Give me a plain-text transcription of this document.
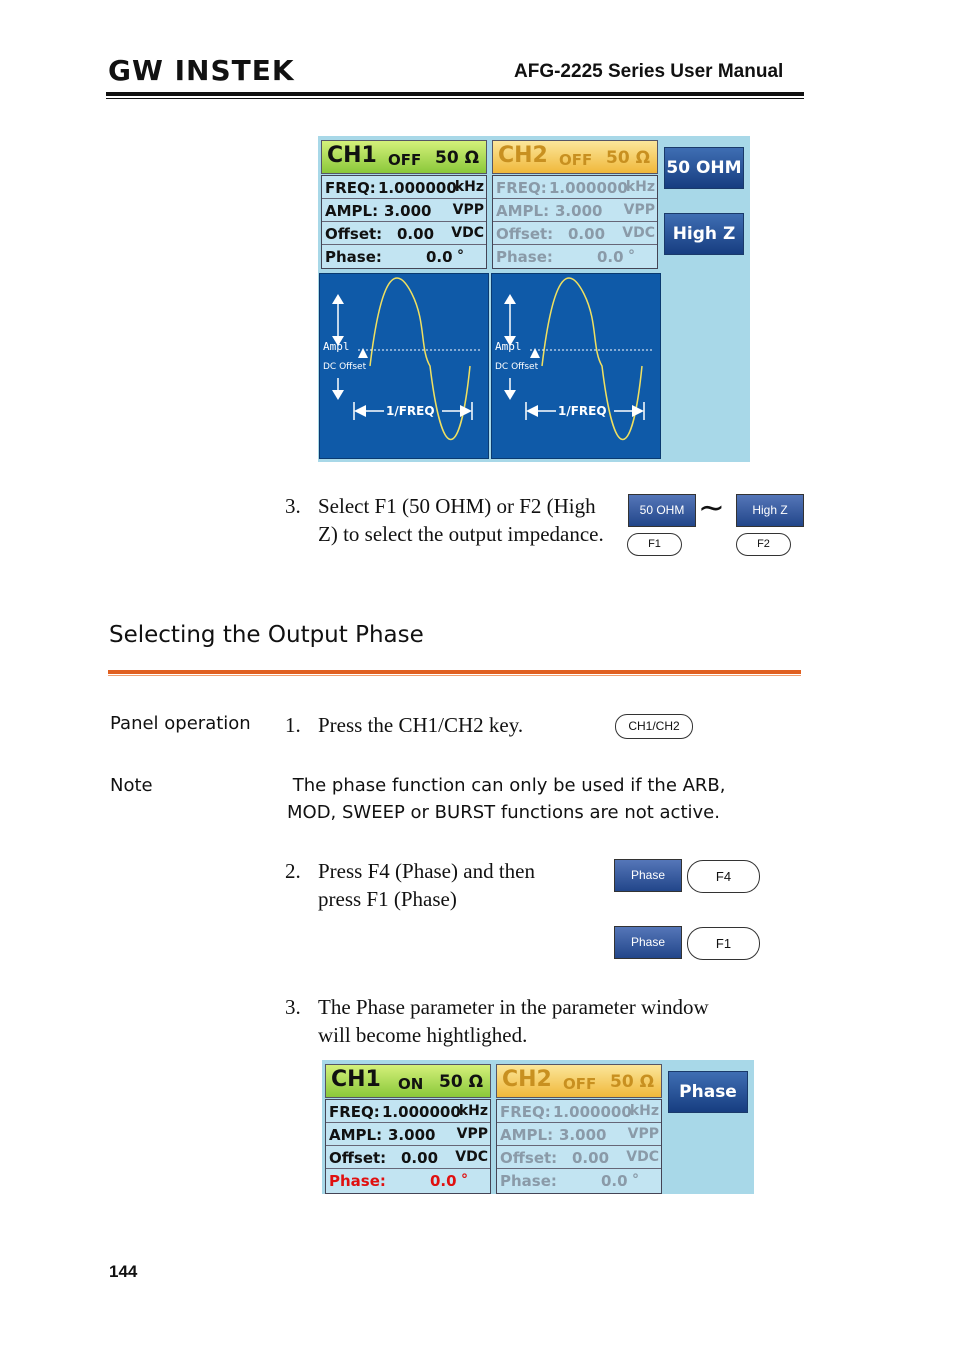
GW INSTEK	AFG-2225 Series User Manual
CH1 OFF 50 Ω
FREQ: 1.000000
kHz
AMPL: 3.000 VPP
Offset: 0.00 VDC
Phase:	0.0 °
Ampl
DC Offset
1/FREQ
CH2 OFF 50 Ω
FREQ: 1.000000
kHz
AMPL: 3.000 VPP
Offset: 0.00 VDC
Phase:	0.0 °
Ampl
DC Offset
1/FREQ
50 OHM
High Z
3. Select F1 (50 OHM) or F2 (High Z) to select the output impedance.
50 OHM ~	High Z
F1	F2
Selecting the Output Phase
Panel operation 1. Press the CH1/CH2 key.	CH1/CH2
Note	The phase function can only be used if the ARB,
MOD, SWEEP or BURST functions are not active.
2. Press F4 (Phase) and then
press F1 (Phase)
Phase	F4
Phase	F1
3. The Phase parameter in the parameter window
will become hightlighed.
CH1 ON 50 Ω
FREQ: 1.000000
kHz
AMPL: 3.000 VPP
Offset: 0.00 VDC
Phase:	0.0 °
CH2 OFF 50 Ω
FREQ: 1.000000
kHz
AMPL: 3.000 VPP
Offset: 0.00 VDC
Phase:	0.0 °
Phase
144
